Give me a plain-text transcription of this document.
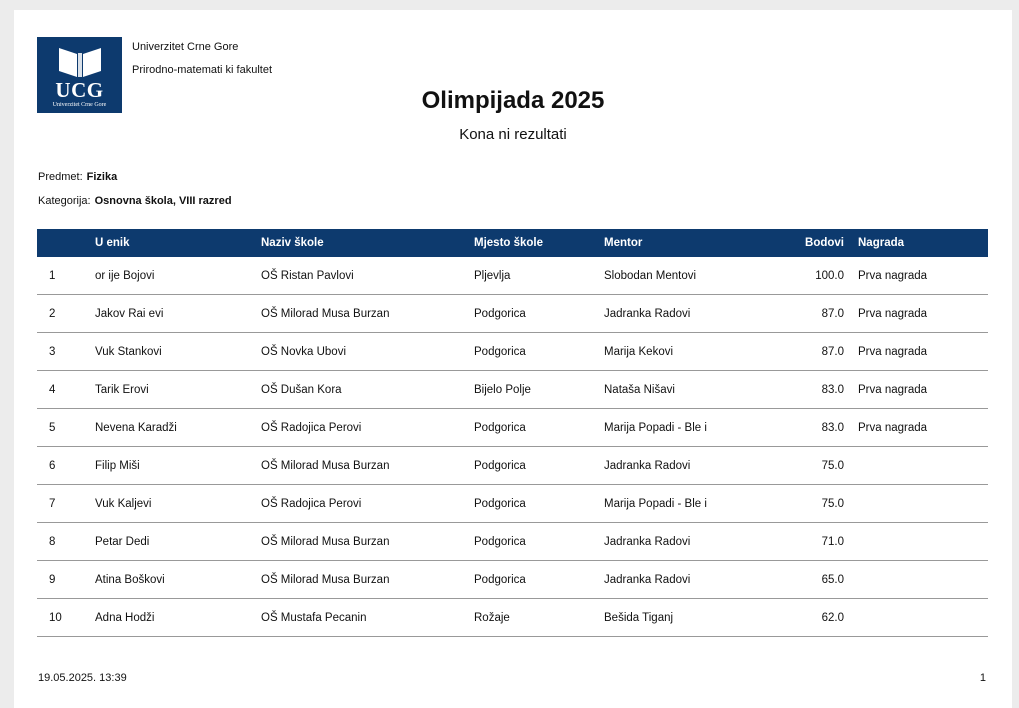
UCG
Univerzitet Crne Gore
Univerzitet Crne Gore
Prirodno-matemati ki fakultet
Olimpijada 2025
Kona ni rezultati
Predmet: Fizika
Kategorija: Osnovna škola, VIII razred
	U enik	Naziv škole	Mjesto škole	Mentor	Bodovi	Nagrada
1	or ije Bojovi	OŠ Ristan Pavlovi	Pljevlja	Slobodan Mentovi	100.0	Prva nagrada
2	Jakov Rai evi	OŠ Milorad Musa Burzan	Podgorica	Jadranka Radovi	87.0	Prva nagrada
3	Vuk Stankovi	OŠ Novka Ubovi	Podgorica	Marija Kekovi	87.0	Prva nagrada
4	Tarik Erovi	OŠ Dušan Kora	Bijelo Polje	Nataša Nišavi	83.0	Prva nagrada
5	Nevena Karadži	OŠ Radojica Perovi	Podgorica	Marija Popadi - Ble i	83.0	Prva nagrada
6	Filip Miši	OŠ Milorad Musa Burzan	Podgorica	Jadranka Radovi	75.0	
7	Vuk Kaljevi	OŠ Radojica Perovi	Podgorica	Marija Popadi - Ble i	75.0	
8	Petar Dedi	OŠ Milorad Musa Burzan	Podgorica	Jadranka Radovi	71.0	
9	Atina Boškovi	OŠ Milorad Musa Burzan	Podgorica	Jadranka Radovi	65.0	
10	Adna Hodži	OŠ Mustafa Pecanin	Rožaje	Bešida Tiganj	62.0	
19.05.2025. 13:39	1
